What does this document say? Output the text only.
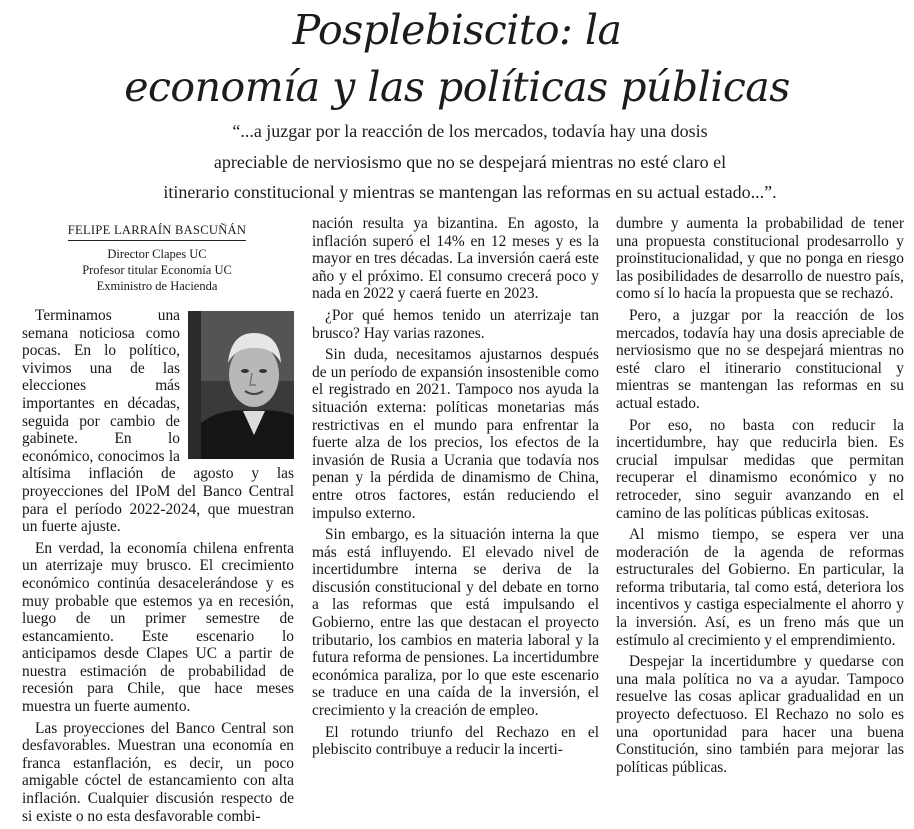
Posplebiscito: la
economía y las políticas públicas
“...a juzgar por la reacción de los mercados, todavía hay una dosis
apreciable de nerviosismo que no se despejará mientras no esté claro el
itinerario constitucional y mientras se mantengan las reformas en su actual estado...”.
FELIPE LARRAÍN BASCUÑÁN
Director Clapes UC
Profesor titular Economía UC
Exministro de Hacienda

Terminamos una semana noticiosa como pocas. En lo político, vivimos una de las elecciones más importantes en décadas, seguida por cambio de gabinete. En lo económico, conocimos la altísima inflación de agosto y las proyecciones del IPoM del Banco Central para el período 2022-2024, que muestran un fuerte ajuste.

En verdad, la economía chilena enfrenta un aterrizaje muy brusco. El crecimiento económico continúa desacelerándose y es muy probable que estemos ya en recesión, luego de un primer semestre de estancamiento. Este escenario lo anticipamos desde Clapes UC a partir de nuestra estimación de probabilidad de recesión para Chile, que hace meses muestra un fuerte aumento.

Las proyecciones del Banco Central son desfavorables. Muestran una economía en franca estanflación, es decir, un poco amigable cóctel de estancamiento con alta inflación. Cualquier discusión respecto de si existe o no esta desfavorable combi-

nación resulta ya bizantina. En agosto, la inflación superó el 14% en 12 meses y es la mayor en tres décadas. La inversión caerá este año y el próximo. El consumo crecerá poco y nada en 2022 y caerá fuerte en 2023.

¿Por qué hemos tenido un aterrizaje tan brusco? Hay varias razones.

Sin duda, necesitamos ajustarnos después de un período de expansión insostenible como el registrado en 2021. Tampoco nos ayuda la situación externa: políticas monetarias más restrictivas en el mundo para enfrentar la fuerte alza de los precios, los efectos de la invasión de Rusia a Ucrania que todavía nos penan y la pérdida de dinamismo de China, entre otros factores, están reduciendo el impulso externo.

Sin embargo, es la situación interna la que más está influyendo. El elevado nivel de incertidumbre interna se deriva de la discusión constitucional y del debate en torno a las reformas que está impulsando el Gobierno, entre las que destacan el proyecto tributario, los cambios en materia laboral y la futura reforma de pensiones. La incertidumbre económica paraliza, por lo que este escenario se traduce en una caída de la inversión, el crecimiento y la creación de empleo.

El rotundo triunfo del Rechazo en el plebiscito contribuye a reducir la incerti-

dumbre y aumenta la probabilidad de tener una propuesta constitucional prodesarrollo y proinstitucionalidad, y que no ponga en riesgo las posibilidades de desarrollo de nuestro país, como sí lo hacía la propuesta que se rechazó.

Pero, a juzgar por la reacción de los mercados, todavía hay una dosis apreciable de nerviosismo que no se despejará mientras no esté claro el itinerario constitucional y mientras se mantengan las reformas en su actual estado.

Por eso, no basta con reducir la incertidumbre, hay que reducirla bien. Es crucial impulsar medidas que permitan recuperar el dinamismo económico y no retroceder, sino seguir avanzando en el camino de las políticas públicas exitosas.

Al mismo tiempo, se espera ver una moderación de la agenda de reformas estructurales del Gobierno. En particular, la reforma tributaria, tal como está, deteriora los incentivos y castiga especialmente el ahorro y la inversión. Así, es un freno más que un estímulo al crecimiento y el emprendimiento.

Despejar la incertidumbre y quedarse con una mala política no va a ayudar. Tampoco resuelve las cosas aplicar gradualidad en un proyecto defectuoso. El Rechazo no solo es una oportunidad para hacer una buena Constitución, sino también para mejorar las políticas públicas.
